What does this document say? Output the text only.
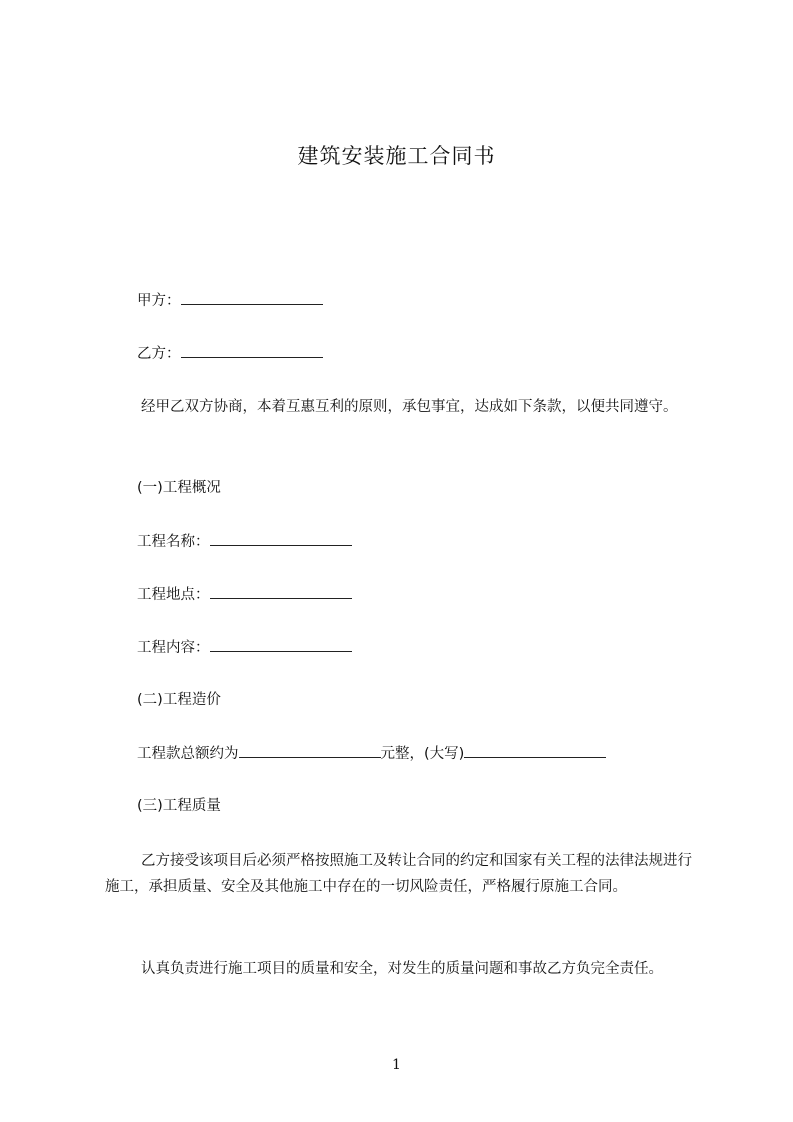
建筑安装施工合同书
甲方：
乙方：
经甲乙双方协商，本着互惠互利的原则，承包事宜，达成如下条款，以便共同遵守。
(一)工程概况
工程名称：
工程地点：
工程内容：
(二)工程造价
工程款总额约为	元整，(大写)
(三)工程质量
乙方接受该项目后必须严格按照施工及转让合同的约定和国家有关工程的法律法规进行施工，承担质量、安全及其他施工中存在的一切风险责任，严格履行原施工合同。
认真负责进行施工项目的质量和安全，对发生的质量问题和事故乙方负完全责任。
1
